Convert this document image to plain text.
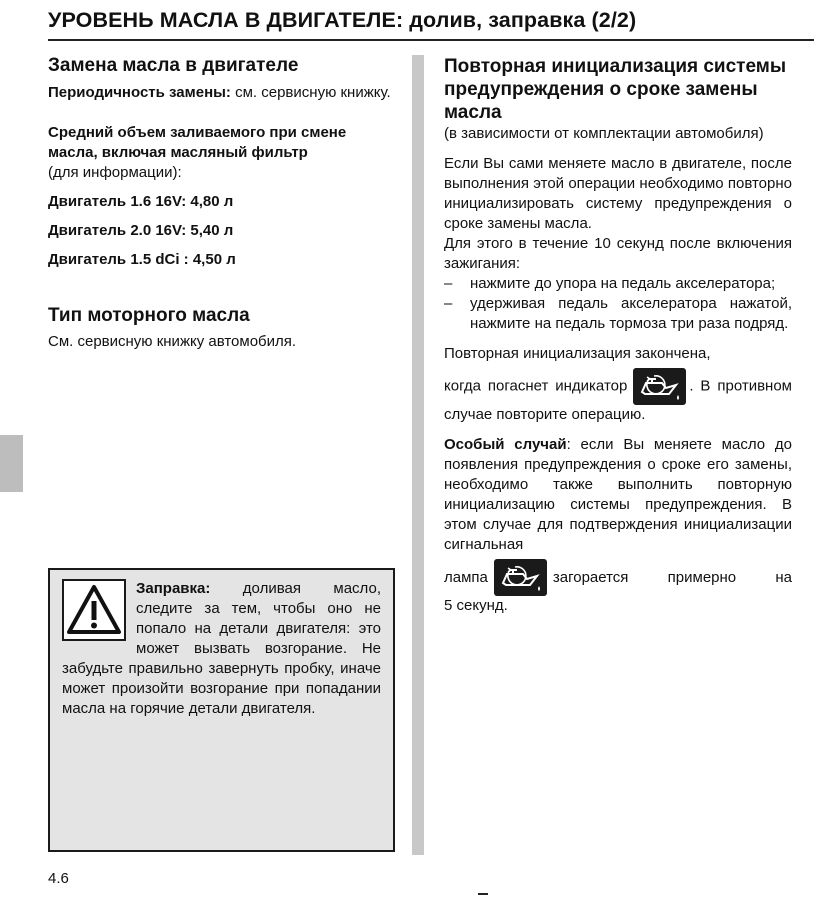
УРОВЕНЬ МАСЛА В ДВИГАТЕЛЕ: долив, заправка (2/2)
Замена масла в двигателе
Периодичность замены: см. сервисную книжку.
Средний объем заливаемого при смене масла, включая масляный фильтр
(для информации):
Двигатель 1.6 16V: 4,80 л
Двигатель 2.0 16V: 5,40 л
Двигатель 1.5 dCi : 4,50 л
Тип моторного масла
См. сервисную книжку автомобиля.
Заправка: доливая масло, следите за тем, чтобы оно не попало на детали двигателя: это может вызвать возгорание. Не забудьте правильно завернуть пробку, иначе может произойти возгорание при попадании масла на горячие детали двигателя.
Повторная инициализация системы предупреждения о сроке замены масла
(в зависимости от комплектации автомобиля)
Если Вы сами меняете масло в двигателе, после выполнения этой операции необходимо повторно инициализировать систему предупреждения о сроке замены масла.
Для этого в течение 10 секунд после включения зажигания:
–	нажмите до упора на педаль акселератора;
–	удерживая педаль акселератора нажатой, нажмите на педаль тормоза три раза подряд.
Повторная инициализация закончена,
когда погаснет индикатор	. В противном случае повторите операцию.
Особый случай: если Вы меняете масло до появления предупреждения о сроке его замены, необходимо также выполнить повторную инициализацию системы предупреждения. В этом случае для подтверждения инициализации сигнальная
лампа	загорается примерно на
5 секунд.
4.6
